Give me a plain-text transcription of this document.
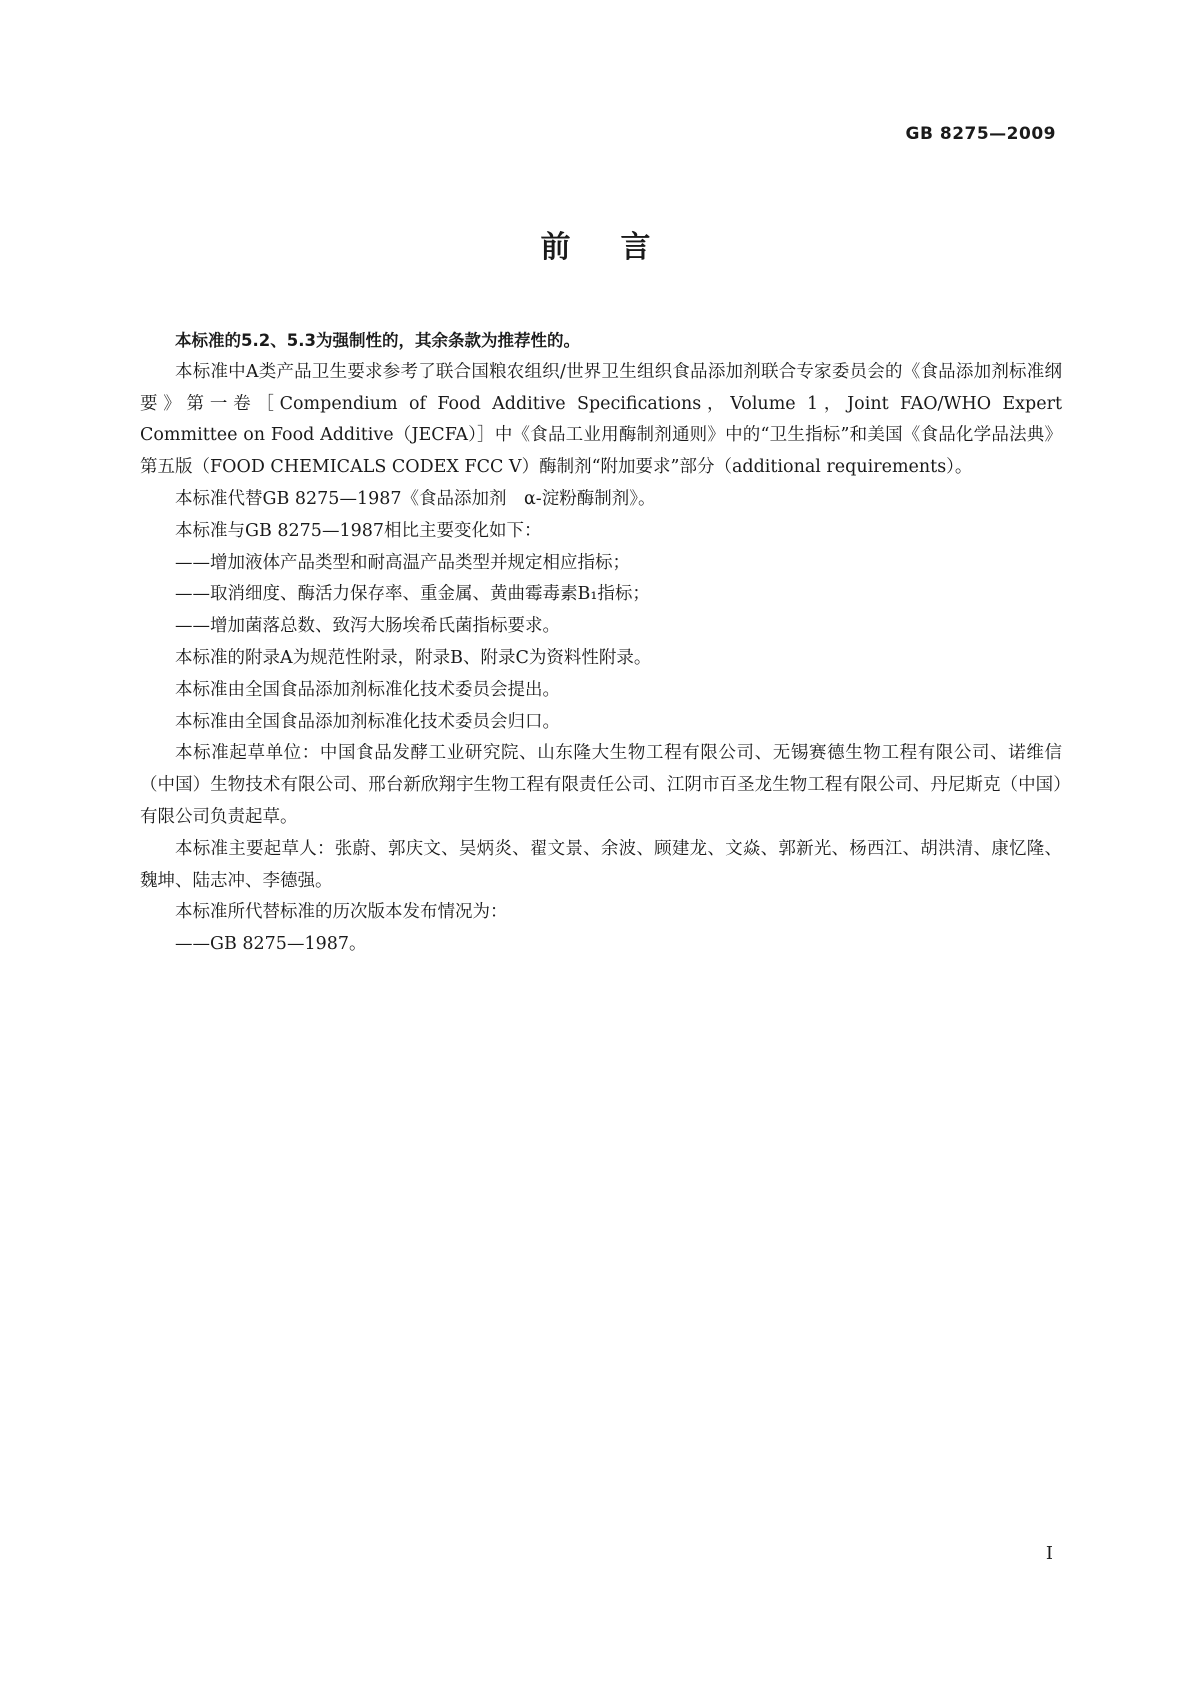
GB 8275—2009
前言

本标准的5.2、5.3为强制性的，其余条款为推荐性的。

本标准中A类产品卫生要求参考了联合国粮农组织/世界卫生组织食品添加剂联合专家委员会的《食品添加剂标准纲要》第一卷［Compendium of Food Additive Specifications，Volume 1，Joint FAO/WHO Expert Committee on Food Additive（JECFA）］中《食品工业用酶制剂通则》中的“卫生指标”和美国《食品化学品法典》第五版（FOOD CHEMICALS CODEX FCC Ⅴ）酶制剂“附加要求”部分（additional requirements）。

本标准代替GB 8275—1987《食品添加剂　α-淀粉酶制剂》。

本标准与GB 8275—1987相比主要变化如下：

——增加液体产品类型和耐高温产品类型并规定相应指标；

——取消细度、酶活力保存率、重金属、黄曲霉毒素B₁指标；

——增加菌落总数、致泻大肠埃希氏菌指标要求。

本标准的附录A为规范性附录，附录B、附录C为资料性附录。

本标准由全国食品添加剂标准化技术委员会提出。

本标准由全国食品添加剂标准化技术委员会归口。

本标准起草单位：中国食品发酵工业研究院、山东隆大生物工程有限公司、无锡赛德生物工程有限公司、诺维信（中国）生物技术有限公司、邢台新欣翔宇生物工程有限责任公司、江阴市百圣龙生物工程有限公司、丹尼斯克（中国）有限公司负责起草。

本标准主要起草人：张蔚、郭庆文、吴炳炎、翟文景、余波、顾建龙、文焱、郭新光、杨西江、胡洪清、康忆隆、魏坤、陆志冲、李德强。

本标准所代替标准的历次版本发布情况为：

——GB 8275—1987。

I
